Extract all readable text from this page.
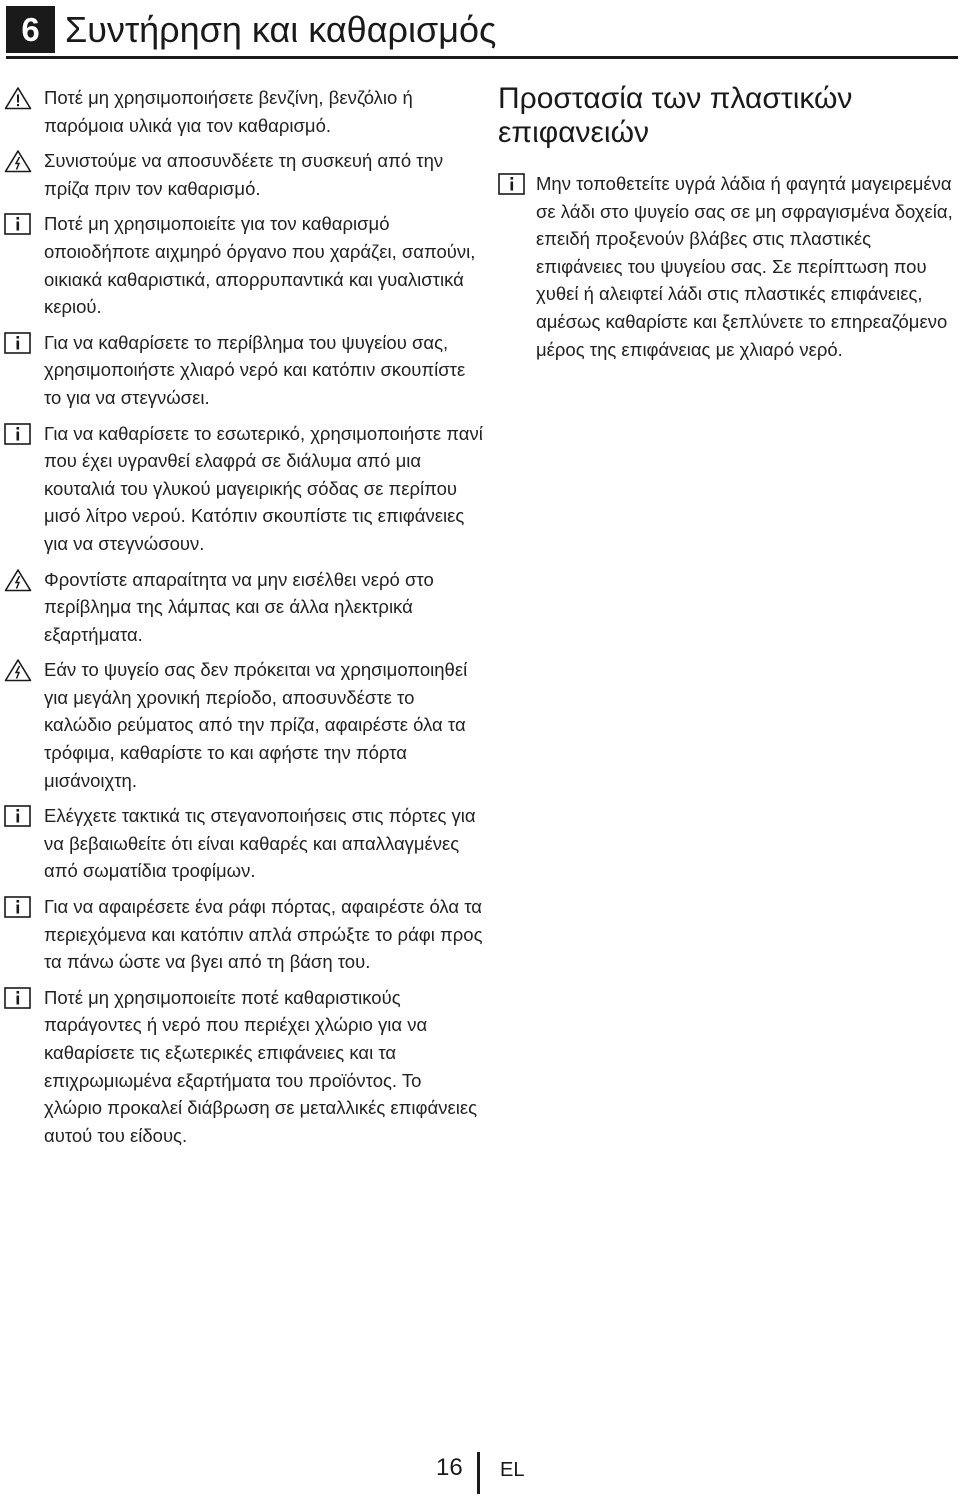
6 Συντήρηση και καθαρισμός
Ποτέ μη χρησιμοποιήσετε βενζίνη, βενζόλιο ή παρόμοια υλικά για τον καθαρισμό.
Συνιστούμε να αποσυνδέετε τη συσκευή από την πρίζα πριν τον καθαρισμό.
Ποτέ μη χρησιμοποιείτε για τον καθαρισμό οποιοδήποτε αιχμηρό όργανο που χαράζει, σαπούνι, οικιακά καθαριστικά, απορρυπαντικά και γυαλιστικά κεριού.
Για να καθαρίσετε το περίβλημα του ψυγείου σας, χρησιμοποιήστε χλιαρό νερό και κατόπιν σκουπίστε το για να στεγνώσει.
Για να καθαρίσετε το εσωτερικό, χρησιμοποιήστε πανί που έχει υγρανθεί ελαφρά σε διάλυμα από μια κουταλιά του γλυκού μαγειρικής σόδας σε περίπου μισό λίτρο νερού. Κατόπιν σκουπίστε τις επιφάνειες για να στεγνώσουν.
Φροντίστε απαραίτητα να μην εισέλθει νερό στο περίβλημα της λάμπας και σε άλλα ηλεκτρικά εξαρτήματα.
Εάν το ψυγείο σας δεν πρόκειται να χρησιμοποιηθεί για μεγάλη χρονική περίοδο, αποσυνδέστε το καλώδιο ρεύματος από την πρίζα, αφαιρέστε όλα τα τρόφιμα, καθαρίστε το και αφήστε την πόρτα μισάνοιχτη.
Ελέγχετε τακτικά τις στεγανοποιήσεις στις πόρτες για να βεβαιωθείτε ότι είναι καθαρές και απαλλαγμένες από σωματίδια τροφίμων.
Για να αφαιρέσετε ένα ράφι πόρτας, αφαιρέστε όλα τα περιεχόμενα και κατόπιν απλά σπρώξτε το ράφι προς τα πάνω ώστε να βγει από τη βάση του.
Ποτέ μη χρησιμοποιείτε ποτέ καθαριστικούς παράγοντες ή νερό που περιέχει χλώριο για να καθαρίσετε τις εξωτερικές επιφάνειες και τα επιχρωμιωμένα εξαρτήματα του προϊόντος. Το χλώριο προκαλεί διάβρωση σε μεταλλικές επιφάνειες αυτού του είδους.
Προστασία των πλαστικών επιφανειών
Μην τοποθετείτε υγρά λάδια ή φαγητά μαγειρεμένα σε λάδι στο ψυγείο σας σε μη σφραγισμένα δοχεία, επειδή προξενούν βλάβες στις πλαστικές επιφάνειες του ψυγείου σας. Σε περίπτωση που χυθεί ή αλειφτεί λάδι στις πλαστικές επιφάνειες, αμέσως καθαρίστε και ξεπλύνετε το επηρεαζόμενο μέρος της επιφάνειας με χλιαρό νερό.
16 EL
